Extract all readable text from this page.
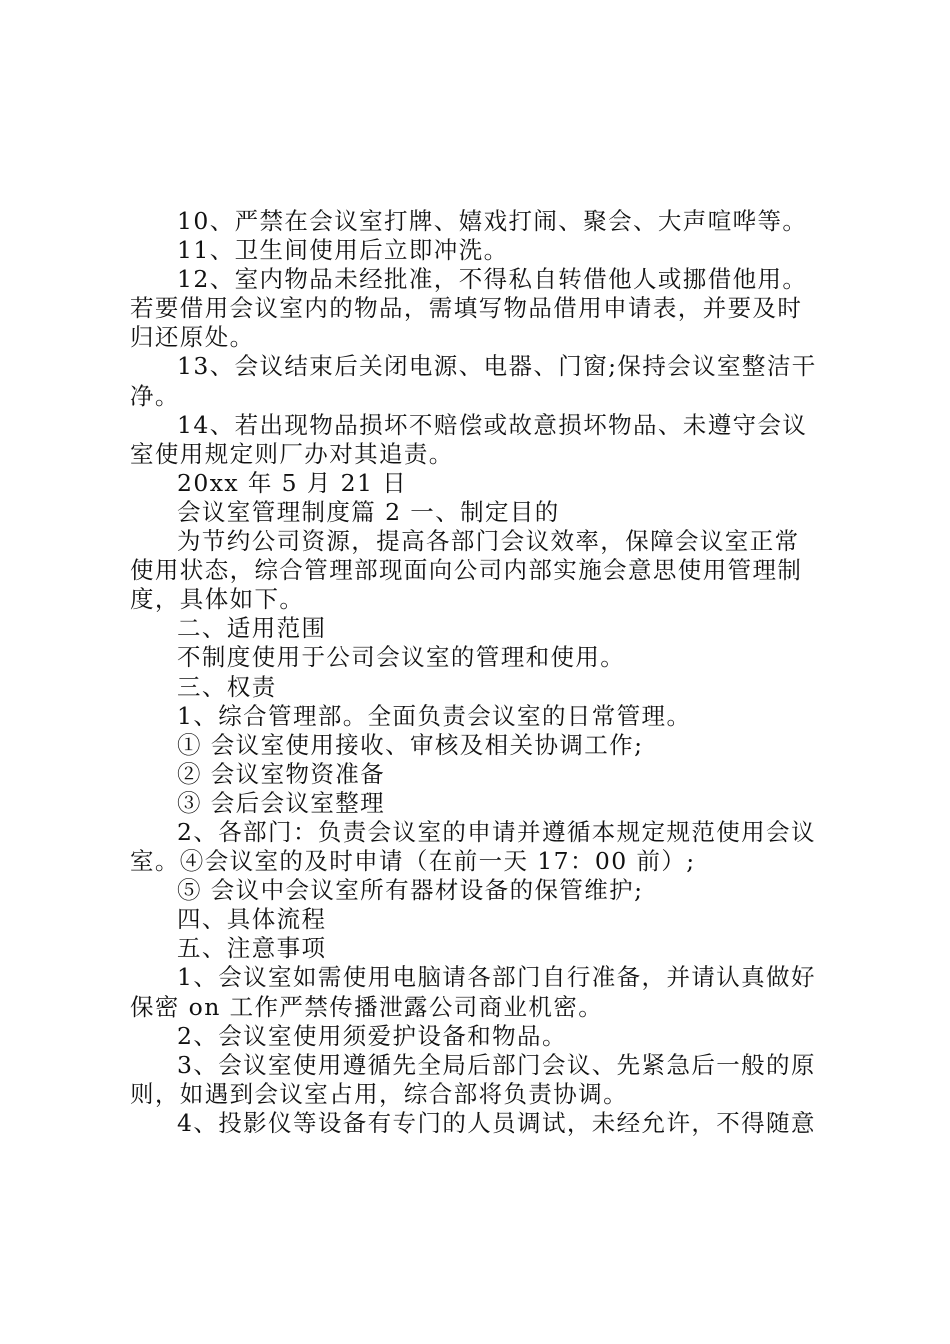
10、严禁在会议室打牌、嬉戏打闹、聚会、大声喧哗等。
11、卫生间使用后立即冲洗。
12、室内物品未经批准，不得私自转借他人或挪借他用。
若要借用会议室内的物品，需填写物品借用申请表，并要及时
归还原处。
13、会议结束后关闭电源、电器、门窗;保持会议室整洁干
净。
14、若出现物品损坏不赔偿或故意损坏物品、未遵守会议
室使用规定则厂办对其追责。
20xx 年 5 月 21 日
会议室管理制度篇 2 一、制定目的
为节约公司资源，提高各部门会议效率，保障会议室正常
使用状态，综合管理部现面向公司内部实施会意思使用管理制
度，具体如下。
二、适用范围
不制度使用于公司会议室的管理和使用。
三、权责
1、综合管理部。全面负责会议室的日常管理。
① 会议室使用接收、审核及相关协调工作;
② 会议室物资准备
③ 会后会议室整理
2、各部门：负责会议室的申请并遵循本规定规范使用会议
室。④会议室的及时申请（在前一天 17：00 前）;
⑤ 会议中会议室所有器材设备的保管维护;
四、具体流程
五、注意事项
1、会议室如需使用电脑请各部门自行准备，并请认真做好
保密 on 工作严禁传播泄露公司商业机密。
2、会议室使用须爱护设备和物品。
3、会议室使用遵循先全局后部门会议、先紧急后一般的原
则，如遇到会议室占用，综合部将负责协调。
4、投影仪等设备有专门的人员调试，未经允许，不得随意
